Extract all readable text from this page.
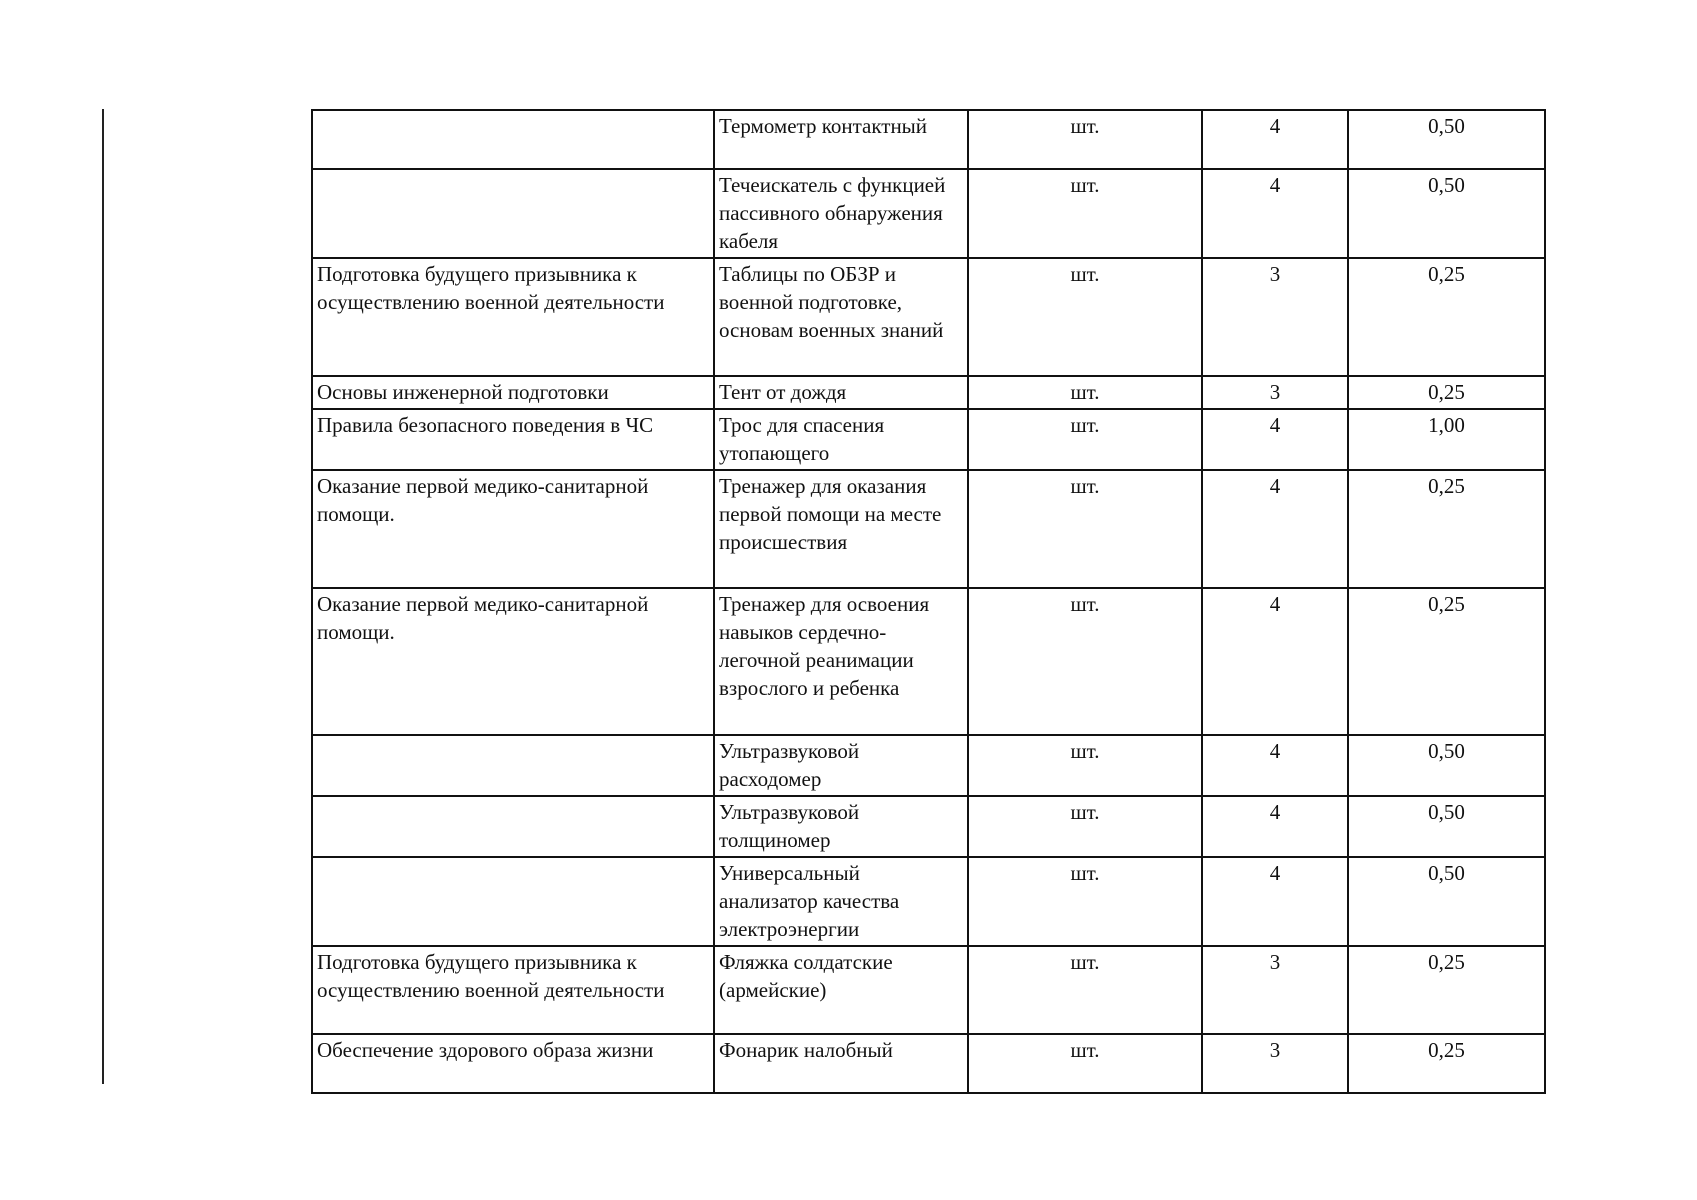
	Термометр контактный	шт.	4	0,50
	Течеискатель с функцией пассивного обнаружения кабеля	шт.	4	0,50
Подготовка будущего призывника к осуществлению военной деятельности	Таблицы по ОБЗР и военной подготовке, основам военных знаний	шт.	3	0,25
Основы инженерной подготовки	Тент от дождя	шт.	3	0,25
Правила безопасного поведения в ЧС	Трос для спасения утопающего	шт.	4	1,00
Оказание первой медико-санитарной помощи.	Тренажер для оказания первой помощи на месте происшествия	шт.	4	0,25
Оказание первой медико-санитарной помощи.	Тренажер для освоения навыков сердечно-легочной реанимации взрослого и ребенка	шт.	4	0,25
	Ультразвуковой расходомер	шт.	4	0,50
	Ультразвуковой толщиномер	шт.	4	0,50
	Универсальный анализатор качества электроэнергии	шт.	4	0,50
Подготовка будущего призывника к осуществлению военной деятельности	Фляжка солдатские (армейские)	шт.	3	0,25
Обеспечение здорового образа жизни	Фонарик налобный	шт.	3	0,25
